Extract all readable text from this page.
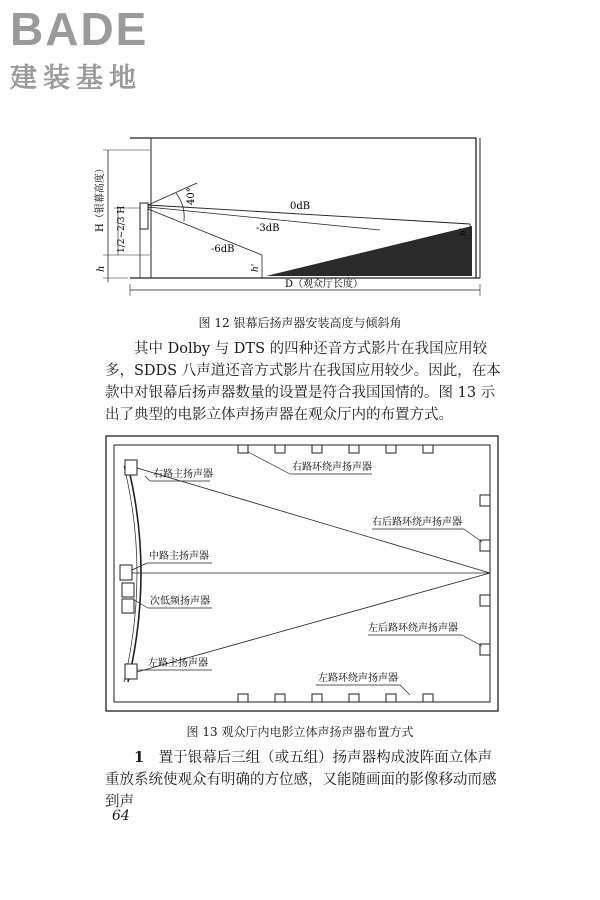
BADE
建装基地
H（银幕高度） 1/2~2/3 H
h
40°
0dB
-3dB
-6dB
h'
h'
D（观众厅长度）
图 12 银幕后扬声器安装高度与倾斜角

其中 Dolby 与 DTS 的四种还音方式影片在我国应用较多，SDDS 八声道还音方式影片在我国应用较少。因此，在本款中对银幕后扬声器数量的设置是符合我国国情的。图 13 示出了典型的电影立体声扬声器在观众厅内的布置方式。

右路主扬声器
右路环绕声扬声器
右后路环绕声扬声器
中路主扬声器
次低频扬声器
左后路环绕声扬声器
左路主扬声器
左路环绕声扬声器
图 13 观众厅内电影立体声扬声器布置方式

1  置于银幕后三组（或五组）扬声器构成波阵面立体声重放系统使观众有明确的方位感，又能随画面的影像移动而感到声

64
